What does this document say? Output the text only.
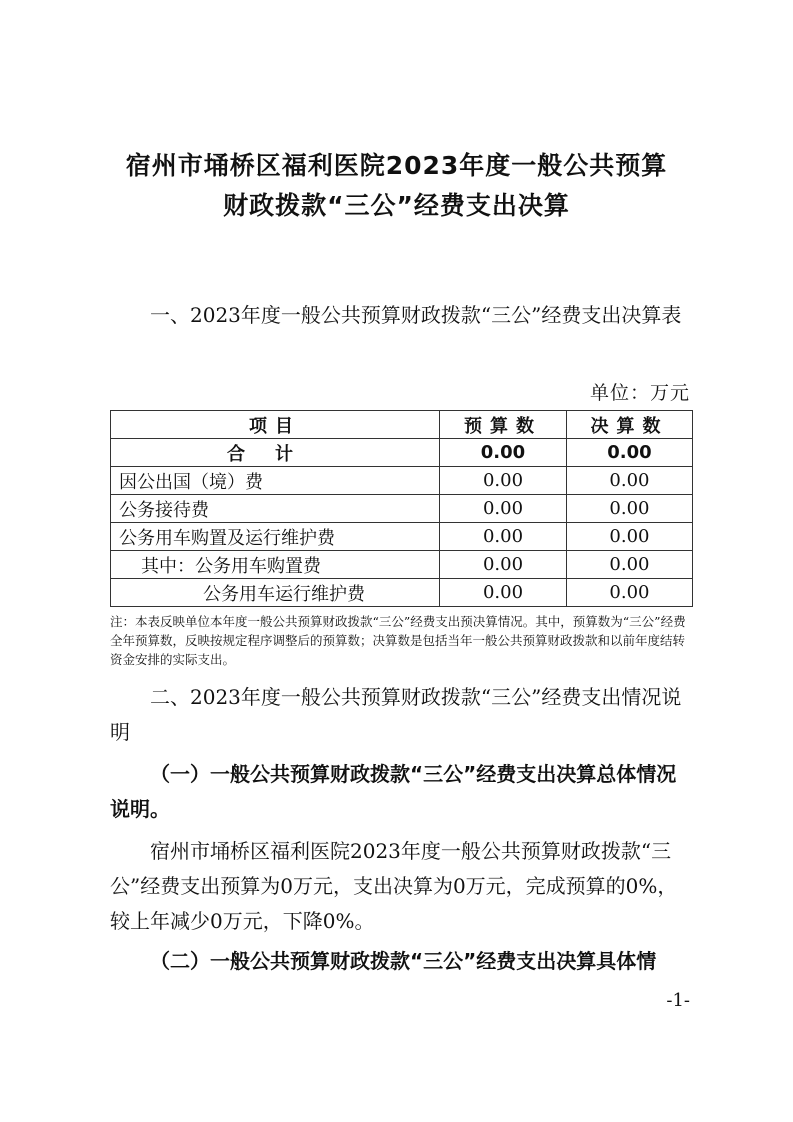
宿州市埇桥区福利医院2023年度一般公共预算
财政拨款“三公”经费支出决算
一、2023年度一般公共预算财政拨款“三公”经费支出决算表
单位：万元
项目	预算数	决算数
合计	0.00	0.00
因公出国（境）费	0.00	0.00
公务接待费	0.00	0.00
公务用车购置及运行维护费	0.00	0.00
其中：公务用车购置费	0.00	0.00
公务用车运行维护费	0.00	0.00
注：本表反映单位本年度一般公共预算财政拨款“三公”经费支出预决算情况。其中，预算数为“三公”经费全年预算数，反映按规定程序调整后的预算数；决算数是包括当年一般公共预算财政拨款和以前年度结转资金安排的实际支出。
二、2023年度一般公共预算财政拨款“三公”经费支出情况说明
（一）一般公共预算财政拨款“三公”经费支出决算总体情况说明。
宿州市埇桥区福利医院2023年度一般公共预算财政拨款“三公”经费支出预算为0万元，支出决算为0万元，完成预算的0%，较上年减少0万元，下降0%。
（二）一般公共预算财政拨款“三公”经费支出决算具体情
-1-
